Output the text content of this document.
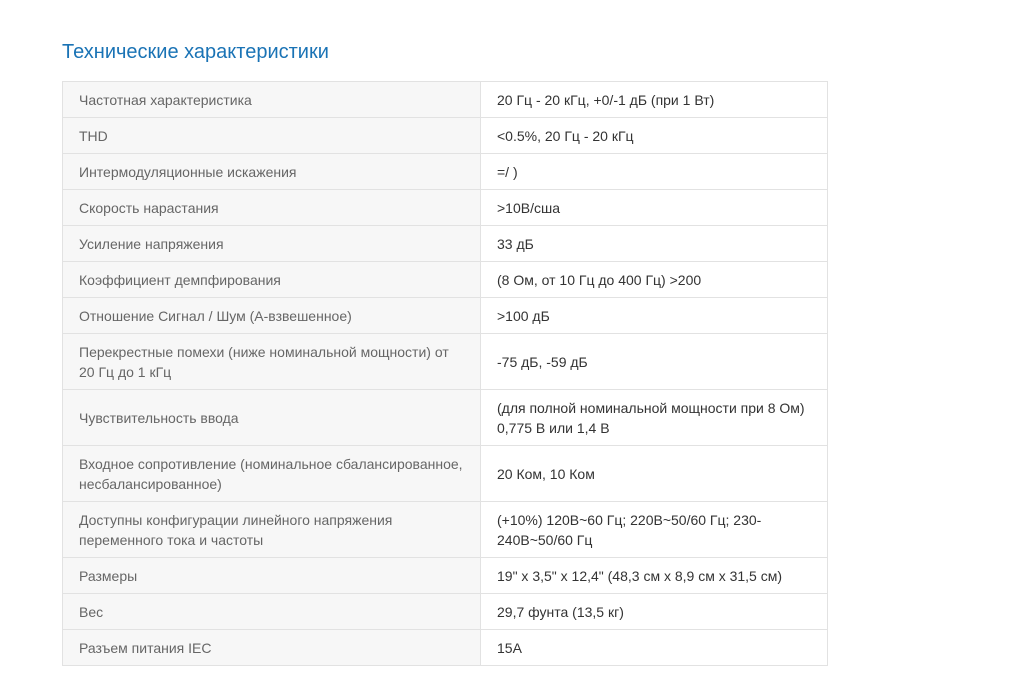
Технические характеристики
Частотная характеристика	20 Гц - 20 кГц, +0/-1 дБ (при 1 Вт)
THD	<0.5%, 20 Гц - 20 кГц
Интермодуляционные искажения	=/ )
Скорость нарастания	>10В/сша
Усиление напряжения	33 дБ
Коэффициент демпфирования	(8 Ом, от 10 Гц до 400 Гц) >200
Отношение Сигнал / Шум (A-взвешенное)	>100 дБ
Перекрестные помехи (ниже номинальной мощности) от 20 Гц до 1 кГц	-75 дБ, -59 дБ
Чувствительность ввода	(для полной номинальной мощности при 8 Ом) 0,775 В или 1,4 В
Входное сопротивление (номинальное сбалансированное, несбалансированное)	20 Ком, 10 Ком
Доступны конфигурации линейного напряжения переменного тока и частоты	(+10%) 120В~60 Гц; 220В~50/60 Гц; 230-240В~50/60 Гц
Размеры	19" x 3,5" x 12,4" (48,3 см x 8,9 см x 31,5 см)
Вес	29,7 фунта (13,5 кг)
Разъем питания IEC	15A
